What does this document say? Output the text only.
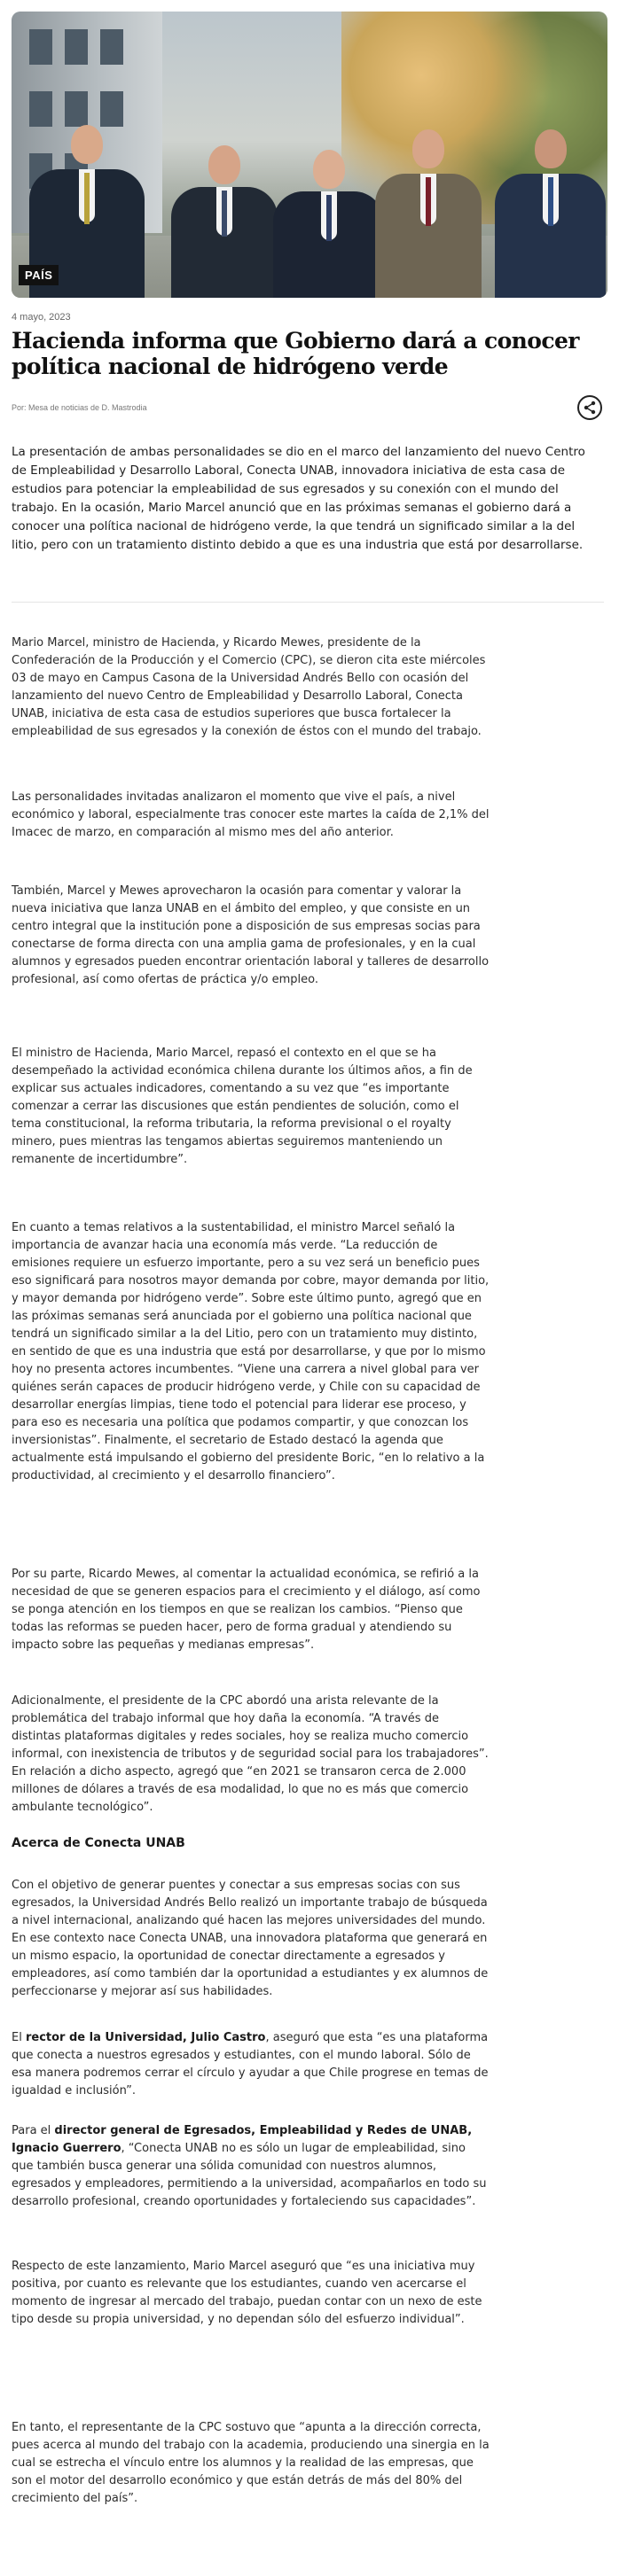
PAÍS
4 mayo, 2023
Hacienda informa que Gobierno dará a conocer política nacional de hidrógeno verde
Por: Mesa de noticias de D. Mastrodia

La presentación de ambas personalidades se dio en el marco del lanzamiento del nuevo Centro de Empleabilidad y Desarrollo Laboral, Conecta UNAB, innovadora iniciativa de esta casa de estudios para potenciar la empleabilidad de sus egresados y su conexión con el mundo del trabajo. En la ocasión, Mario Marcel anunció que en las próximas semanas el gobierno dará a conocer una política nacional de hidrógeno verde, la que tendrá un significado similar a la del litio, pero con un tratamiento distinto debido a que es una industria que está por desarrollarse.

Mario Marcel, ministro de Hacienda, y Ricardo Mewes, presidente de la Confederación de la Producción y el Comercio (CPC), se dieron cita este miércoles 03 de mayo en Campus Casona de la Universidad Andrés Bello con ocasión del lanzamiento del nuevo Centro de Empleabilidad y Desarrollo Laboral, Conecta UNAB, iniciativa de esta casa de estudios superiores que busca fortalecer la empleabilidad de sus egresados y la conexión de éstos con el mundo del trabajo.

Las personalidades invitadas analizaron el momento que vive el país, a nivel económico y laboral, especialmente tras conocer este martes la caída de 2,1% del Imacec de marzo, en comparación al mismo mes del año anterior.

También, Marcel y Mewes aprovecharon la ocasión para comentar y valorar la nueva iniciativa que lanza UNAB en el ámbito del empleo, y que consiste en un centro integral que la institución pone a disposición de sus empresas socias para conectarse de forma directa con una amplia gama de profesionales, y en la cual alumnos y egresados pueden encontrar orientación laboral y talleres de desarrollo profesional, así como ofertas de práctica y/o empleo.

El ministro de Hacienda, Mario Marcel, repasó el contexto en el que se ha desempeñado la actividad económica chilena durante los últimos años, a fin de explicar sus actuales indicadores, comentando a su vez que “es importante comenzar a cerrar las discusiones que están pendientes de solución, como el tema constitucional, la reforma tributaria, la reforma previsional o el royalty minero, pues mientras las tengamos abiertas seguiremos manteniendo un remanente de incertidumbre”.

En cuanto a temas relativos a la sustentabilidad, el ministro Marcel señaló la importancia de avanzar hacia una economía más verde. “La reducción de emisiones requiere un esfuerzo importante, pero a su vez será un beneficio pues eso significará para nosotros mayor demanda por cobre, mayor demanda por litio, y mayor demanda por hidrógeno verde”. Sobre este último punto, agregó que en las próximas semanas será anunciada por el gobierno una política nacional que tendrá un significado similar a la del Litio, pero con un tratamiento muy distinto, en sentido de que es una industria que está por desarrollarse, y que por lo mismo hoy no presenta actores incumbentes. “Viene una carrera a nivel global para ver quiénes serán capaces de producir hidrógeno verde, y Chile con su capacidad de desarrollar energías limpias, tiene todo el potencial para liderar ese proceso, y para eso es necesaria una política que podamos compartir, y que conozcan los inversionistas”. Finalmente, el secretario de Estado destacó la agenda que actualmente está impulsando el gobierno del presidente Boric, “en lo relativo a la productividad, al crecimiento y el desarrollo financiero”.

Por su parte, Ricardo Mewes, al comentar la actualidad económica, se refirió a la necesidad de que se generen espacios para el crecimiento y el diálogo, así como se ponga atención en los tiempos en que se realizan los cambios. “Pienso que todas las reformas se pueden hacer, pero de forma gradual y atendiendo su impacto sobre las pequeñas y medianas empresas”.

Adicionalmente, el presidente de la CPC abordó una arista relevante de la problemática del trabajo informal que hoy daña la economía. “A través de distintas plataformas digitales y redes sociales, hoy se realiza mucho comercio informal, con inexistencia de tributos y de seguridad social para los trabajadores”. En relación a dicho aspecto, agregó que “en 2021 se transaron cerca de 2.000 millones de dólares a través de esa modalidad, lo que no es más que comercio ambulante tecnológico”.

Acerca de Conecta UNAB

Con el objetivo de generar puentes y conectar a sus empresas socias con sus egresados, la Universidad Andrés Bello realizó un importante trabajo de búsqueda a nivel internacional, analizando qué hacen las mejores universidades del mundo. En ese contexto nace Conecta UNAB, una innovadora plataforma que generará en un mismo espacio, la oportunidad de conectar directamente a egresados y empleadores, así como también dar la oportunidad a estudiantes y ex alumnos de perfeccionarse y mejorar así sus habilidades.

El rector de la Universidad, Julio Castro, aseguró que esta “es una plataforma que conecta a nuestros egresados y estudiantes, con el mundo laboral. Sólo de esa manera podremos cerrar el círculo y ayudar a que Chile progrese en temas de igualdad e inclusión”.

Para el director general de Egresados, Empleabilidad y Redes de UNAB, Ignacio Guerrero, “Conecta UNAB no es sólo un lugar de empleabilidad, sino que también busca generar una sólida comunidad con nuestros alumnos, egresados y empleadores, permitiendo a la universidad, acompañarlos en todo su desarrollo profesional, creando oportunidades y fortaleciendo sus capacidades”.

Respecto de este lanzamiento, Mario Marcel aseguró que “es una iniciativa muy positiva, por cuanto es relevante que los estudiantes, cuando ven acercarse el momento de ingresar al mercado del trabajo, puedan contar con un nexo de este tipo desde su propia universidad, y no dependan sólo del esfuerzo individual”.

En tanto, el representante de la CPC sostuvo que “apunta a la dirección correcta, pues acerca al mundo del trabajo con la academia, produciendo una sinergia en la cual se estrecha el vínculo entre los alumnos y la realidad de las empresas, que son el motor del desarrollo económico y que están detrás de más del 80% del crecimiento del país”.
